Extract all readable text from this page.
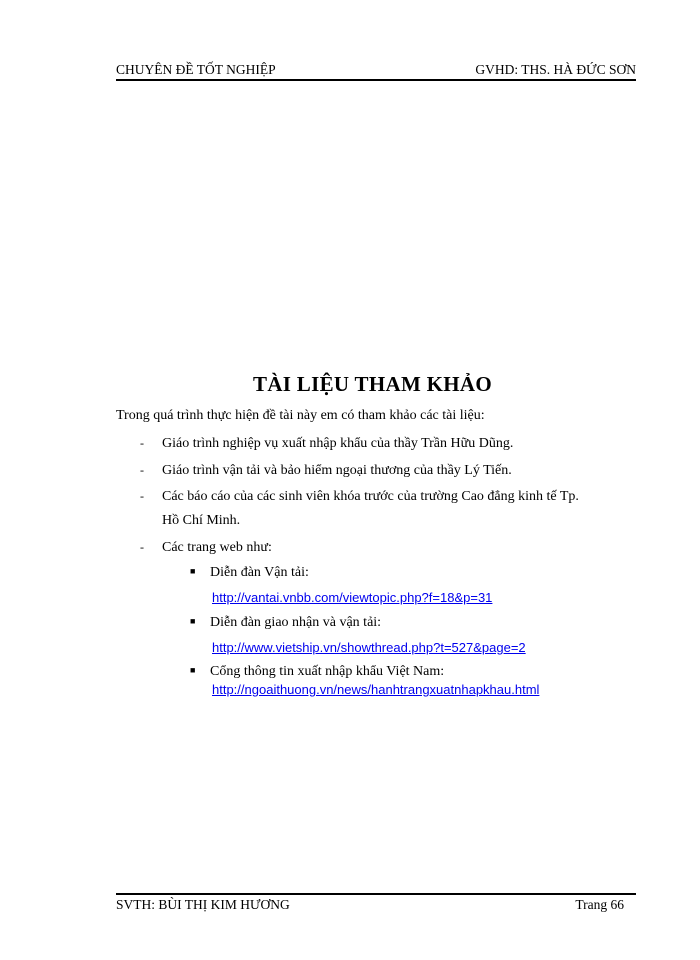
CHUYÊN ĐỀ TỐT NGHIỆP	GVHD: THS. HÀ ĐỨC SƠN
TÀI LIỆU THAM KHẢO
Trong quá trình thực hiện đề tài này em có tham khảo các tài liệu:
- Giáo trình nghiệp vụ xuất nhập khẩu của thầy Trần Hữu Dũng.
- Giáo trình vận tải và bảo hiểm ngoại thương của thầy Lý Tiến.
- Các báo cáo của các sinh viên khóa trước của trường Cao đẳng kinh tế Tp.
Hồ Chí Minh.
- Các trang web như:
■ Diễn đàn Vận tải:
http://vantai.vnbb.com/viewtopic.php?f=18&p=31
■ Diễn đàn giao nhận và vận tải:
http://www.vietship.vn/showthread.php?t=527&page=2
■ Cổng thông tin xuất nhập khẩu Việt Nam:
http://ngoaithuong.vn/news/hanhtrangxuatnhapkhau.html
SVTH: BÙI THỊ KIM HƯƠNG	Trang 66
